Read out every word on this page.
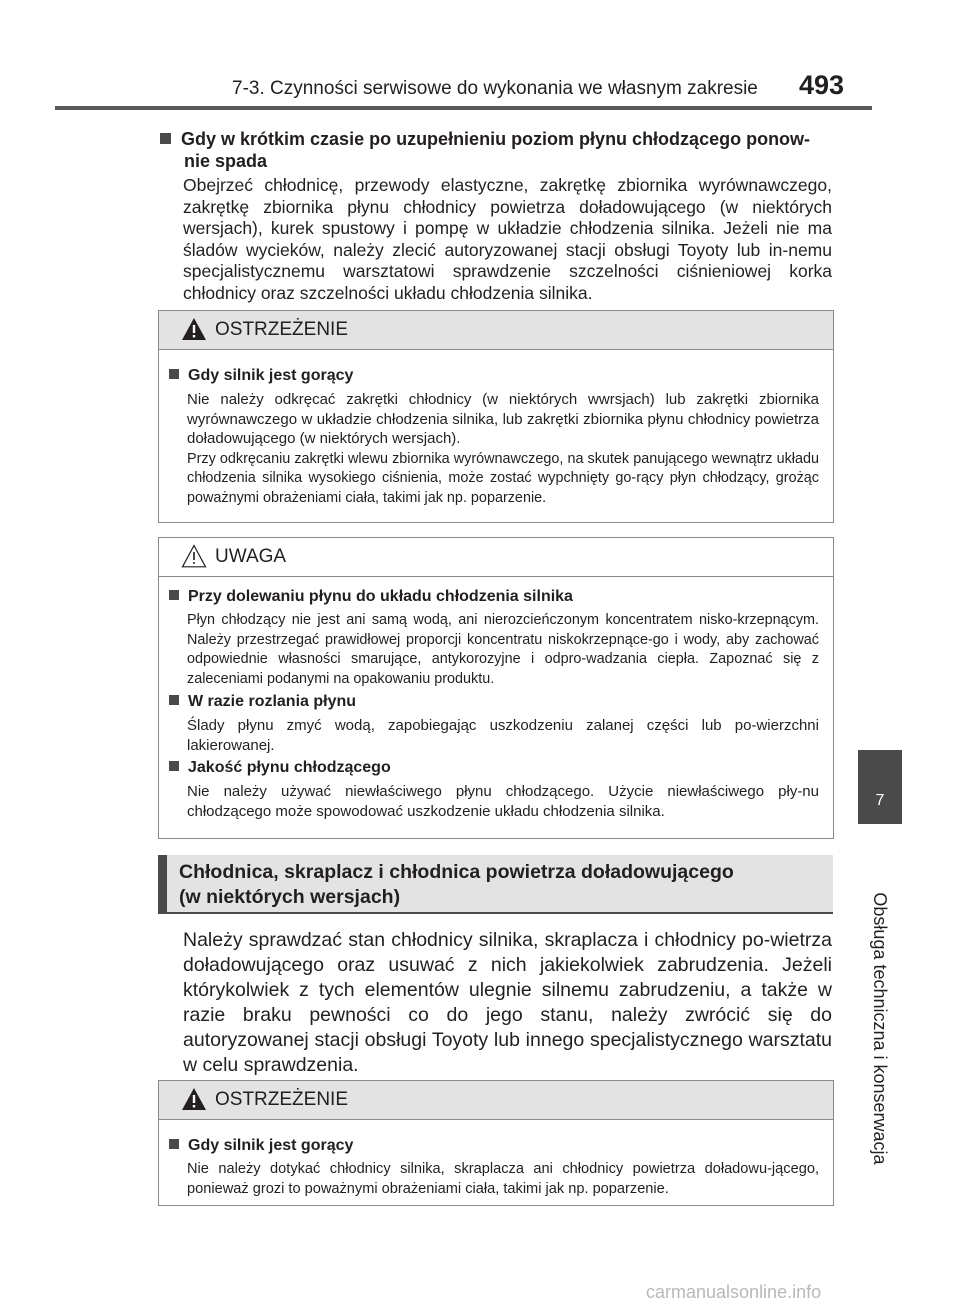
7-3. Czynności serwisowe do wykonania we własnym zakresie 493
7
Obsługa techniczna i konserwacja
Gdy w krótkim czasie po uzupełnieniu poziom płynu chłodzącego ponow-nie spada
Obejrzeć chłodnicę, przewody elastyczne, zakrętkę zbiornika wyrównawczego, zakrętkę zbiornika płynu chłodnicy powietrza doładowującego (w niektórych wersjach), kurek spustowy i pompę w układzie chłodzenia silnika. Jeżeli nie ma śladów wycieków, należy zlecić autoryzowanej stacji obsługi Toyoty lub in-nemu specjalistycznemu warsztatowi sprawdzenie szczelności ciśnieniowej korka chłodnicy oraz szczelności układu chłodzenia silnika.
OSTRZEŻENIE
Gdy silnik jest gorący
Nie należy odkręcać zakrętki chłodnicy (w niektórych wwrsjach) lub zakrętki zbiornika wyrównawczego w układzie chłodzenia silnika, lub zakrętki zbiornika płynu chłodnicy powietrza doładowującego (w niektórych wersjach).
Przy odkręcaniu zakrętki wlewu zbiornika wyrównawczego, na skutek panującego wewnątrz układu chłodzenia silnika wysokiego ciśnienia, może zostać wypchnięty go-rący płyn chłodzący, grożąc poważnymi obrażeniami ciała, takimi jak np. poparzenie.
UWAGA
Przy dolewaniu płynu do układu chłodzenia silnika
Płyn chłodzący nie jest ani samą wodą, ani nierozcieńczonym koncentratem nisko-krzepnącym. Należy przestrzegać prawidłowej proporcji koncentratu niskokrzepnące-go i wody, aby zachować odpowiednie własności smarujące, antykorozyjne i odpro-wadzania ciepła. Zapoznać się z zaleceniami podanymi na opakowaniu produktu.
W razie rozlania płynu
Ślady płynu zmyć wodą, zapobiegając uszkodzeniu zalanej części lub po-wierzchni lakierowanej.
Jakość płynu chłodzącego
Nie należy używać niewłaściwego płynu chłodzącego. Użycie niewłaściwego pły-nu chłodzącego może spowodować uszkodzenie układu chłodzenia silnika.
Chłodnica, skraplacz i chłodnica powietrza doładowującego
(w niektórych wersjach)
Należy sprawdzać stan chłodnicy silnika, skraplacza i chłodnicy po-wietrza doładowującego oraz usuwać z nich jakiekolwiek zabrudzenia. Jeżeli którykolwiek z tych elementów ulegnie silnemu zabrudzeniu, a także w razie braku pewności co do jego stanu, należy zwrócić się do autoryzowanej stacji obsługi Toyoty lub innego specjalistycznego warsztatu w celu sprawdzenia.
OSTRZEŻENIE
Gdy silnik jest gorący
Nie należy dotykać chłodnicy silnika, skraplacza ani chłodnicy powietrza doładowu-jącego, ponieważ grozi to poważnymi obrażeniami ciała, takimi jak np. poparzenie.
carmanualsonline.info
